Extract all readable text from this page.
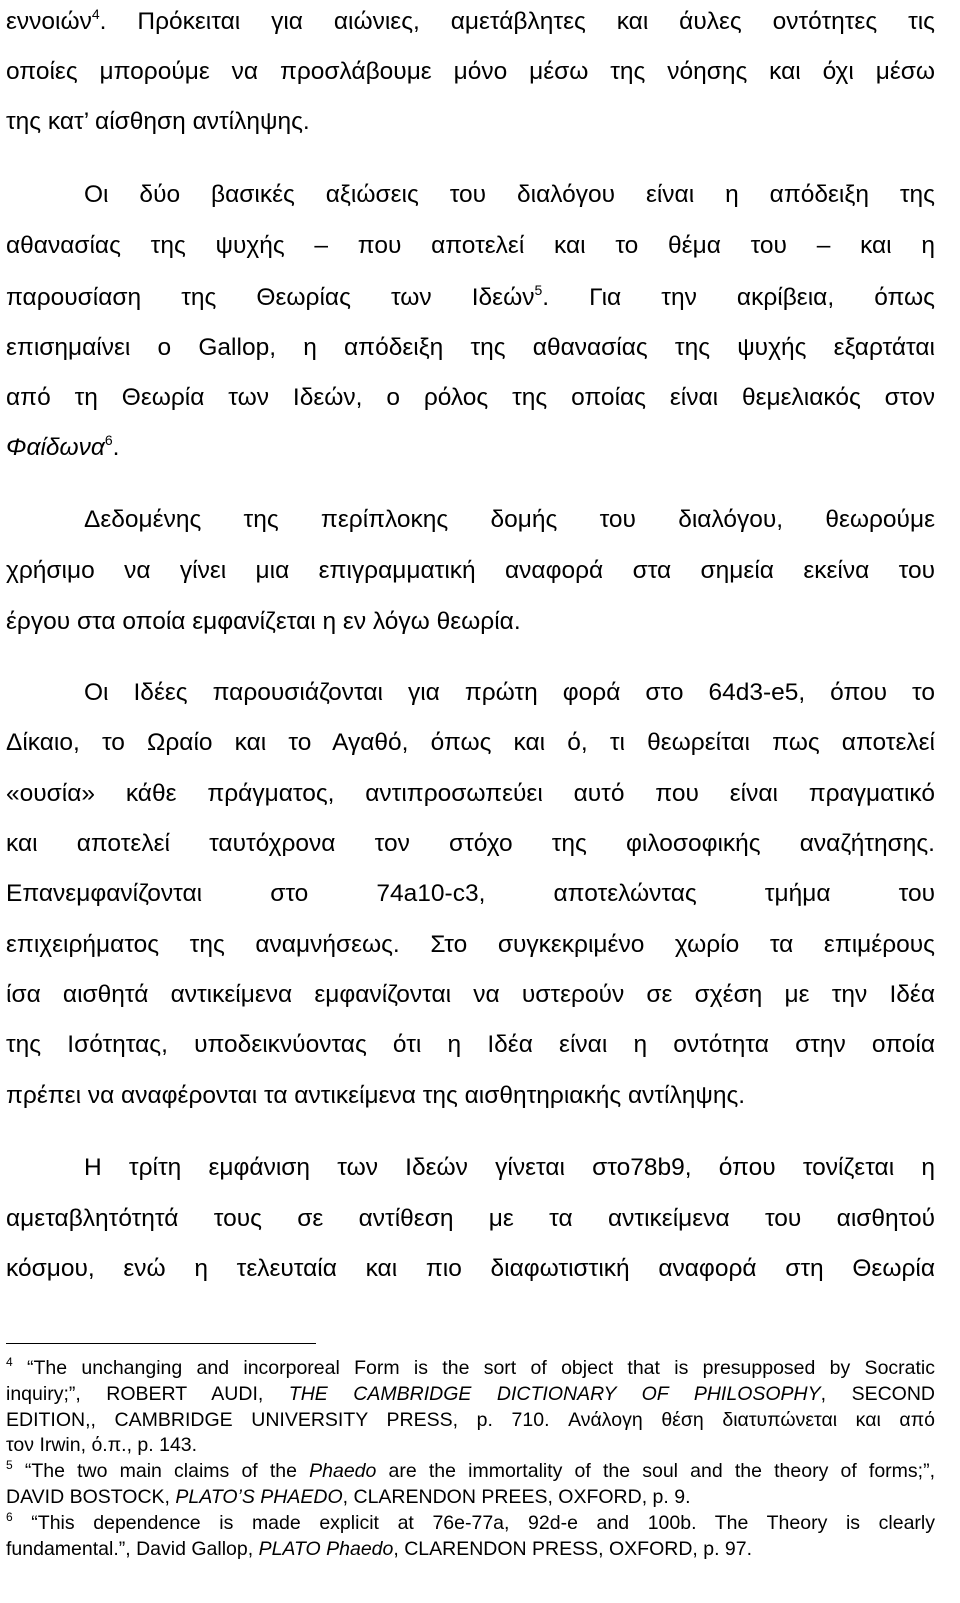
εννοιών$^4$. Πρόκειται για αιώνιες, αμετάβλητες και άυλες οντότητες τις
οποίες μπορούμε να προσλάβουμε μόνο μέσω της νόησης και όχι μέσω
της κατ’ αίσθηση αντίληψης.
Οι δύο βασικές αξιώσεις του διαλόγου είναι η απόδειξη της
αθανασίας της ψυχής – που αποτελεί και το θέμα του – και η
παρουσίαση της Θεωρίας των Ιδεών$^5$. Για την ακρίβεια, όπως
επισημαίνει ο Gallop, η απόδειξη της αθανασίας της ψυχής εξαρτάται
από τη Θεωρία των Ιδεών, ο ρόλος της οποίας είναι θεμελιακός στον
Φαίδωνα$^6$.
Δεδομένης της περίπλοκης δομής του διαλόγου, θεωρούμε
χρήσιμο να γίνει μια επιγραμματική αναφορά στα σημεία εκείνα του
έργου στα οποία εμφανίζεται η εν λόγω θεωρία.
Οι Ιδέες παρουσιάζονται για πρώτη φορά στο 64d3-e5, όπου το
Δίκαιο, το Ωραίο και το Αγαθό, όπως και ό, τι θεωρείται πως αποτελεί
«ουσία» κάθε πράγματος, αντιπροσωπεύει αυτό που είναι πραγματικό
και αποτελεί ταυτόχρονα τον στόχο της φιλοσοφικής αναζήτησης.
Επανεμφανίζονται στο 74a10-c3, αποτελώντας τμήμα του
επιχειρήματος της αναμνήσεως. Στο συγκεκριμένο χωρίο τα επιμέρους
ίσα αισθητά αντικείμενα εμφανίζονται να υστερούν σε σχέση με την Ιδέα
της Ισότητας, υποδεικνύοντας ότι η Ιδέα είναι η οντότητα στην οποία
πρέπει να αναφέρονται τα αντικείμενα της αισθητηριακής αντίληψης.
Η τρίτη εμφάνιση των Ιδεών γίνεται στο78b9, όπου τονίζεται η
αμεταβλητότητά τους σε αντίθεση με τα αντικείμενα του αισθητού
κόσμου, ενώ η τελευταία και πιο διαφωτιστική αναφορά στη Θεωρία
$^4$ “The unchanging and incorporeal Form is the sort of object that is presupposed by Socratic
inquiry;”, ROBERT AUDI, THE CAMBRIDGE DICTIONARY OF PHILOSOPHY, SECOND
EDITION,, CAMBRIDGE UNIVERSITY PRESS, p. 710. Ανάλογη θέση διατυπώνεται και από
τον Irwin, ό.π., p. 143.
$^5$ “The two main claims of the Phaedo are the immortality of the soul and the theory of forms;”,
DAVID BOSTOCK, PLATO’S PHAEDO, CLARENDON PREES, OXFORD, p. 9.
$^6$ “This dependence is made explicit at 76e-77a, 92d-e and 100b. The Theory is clearly
fundamental.”, David Gallop, PLATO Phaedo, CLARENDON PRESS, OXFORD, p. 97.
